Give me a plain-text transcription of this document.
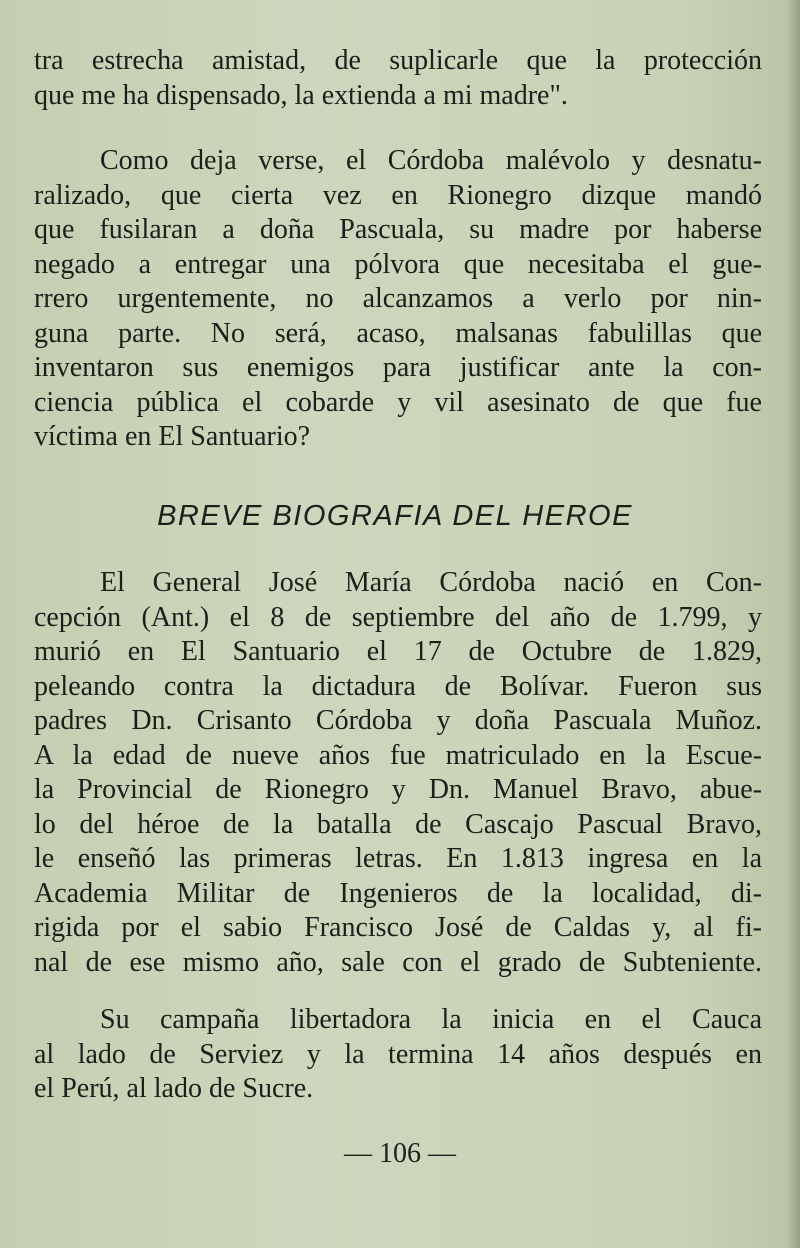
tra estrecha amistad, de suplicarle que la protección
que me ha dispensado, la extienda a mi madre".
Como deja verse, el Córdoba malévolo y desnatu-
ralizado, que cierta vez en Rionegro dizque mandó
que fusilaran a doña Pascuala, su madre por haberse
negado a entregar una pólvora que necesitaba el gue-
rrero urgentemente, no alcanzamos a verlo por nin-
guna parte. No será, acaso, malsanas fabulillas que
inventaron sus enemigos para justificar ante la con-
ciencia pública el cobarde y vil asesinato de que fue
víctima en El Santuario?
BREVE BIOGRAFIA DEL HEROE
El General José María Córdoba nació en Con-
cepción (Ant.) el 8 de septiembre del año de 1.799, y
murió en El Santuario el 17 de Octubre de 1.829,
peleando contra la dictadura de Bolívar. Fueron sus
padres Dn. Crisanto Córdoba y doña Pascuala Muñoz.
A la edad de nueve años fue matriculado en la Escue-
la Provincial de Rionegro y Dn. Manuel Bravo, abue-
lo del héroe de la batalla de Cascajo Pascual Bravo,
le enseñó las primeras letras. En 1.813 ingresa en la
Academia Militar de Ingenieros de la localidad, di-
rigida por el sabio Francisco José de Caldas y, al fi-
nal de ese mismo año, sale con el grado de Subteniente.
Su campaña libertadora la inicia en el Cauca
al lado de Serviez y la termina 14 años después en
el Perú, al lado de Sucre.
— 106 —
